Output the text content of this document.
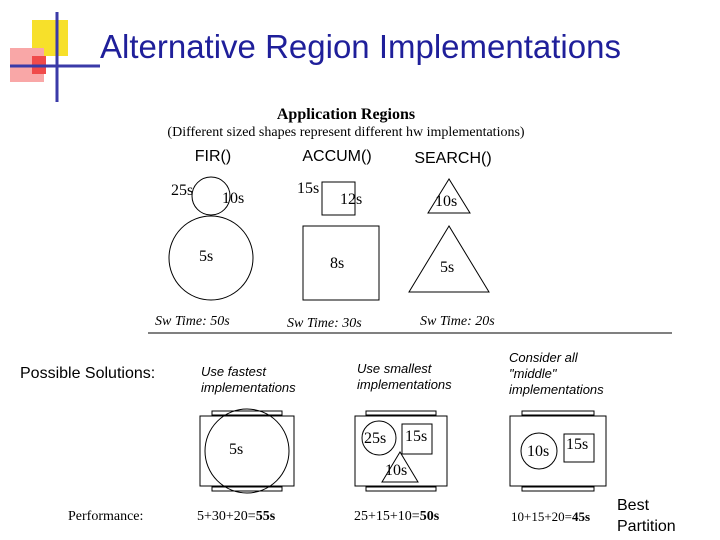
Alternative Region Implementations
Application Regions
(Different sized shapes represent different hw implementations)
FIR()	ACCUM()	SEARCH()
25s 10s
5s
15s
12s
8s
10s
5s
Sw Time: 50s	Sw Time: 30s	Sw Time: 20s
Possible Solutions:	Use fastest
implementations
Use smallest
implementations
Consider all
"middle"
implementations
5s
25s 15s
10s
10s 15s
Performance:	5+30+20=55s	25+15+10=50s	10+15+20=45s
Best
Partition
